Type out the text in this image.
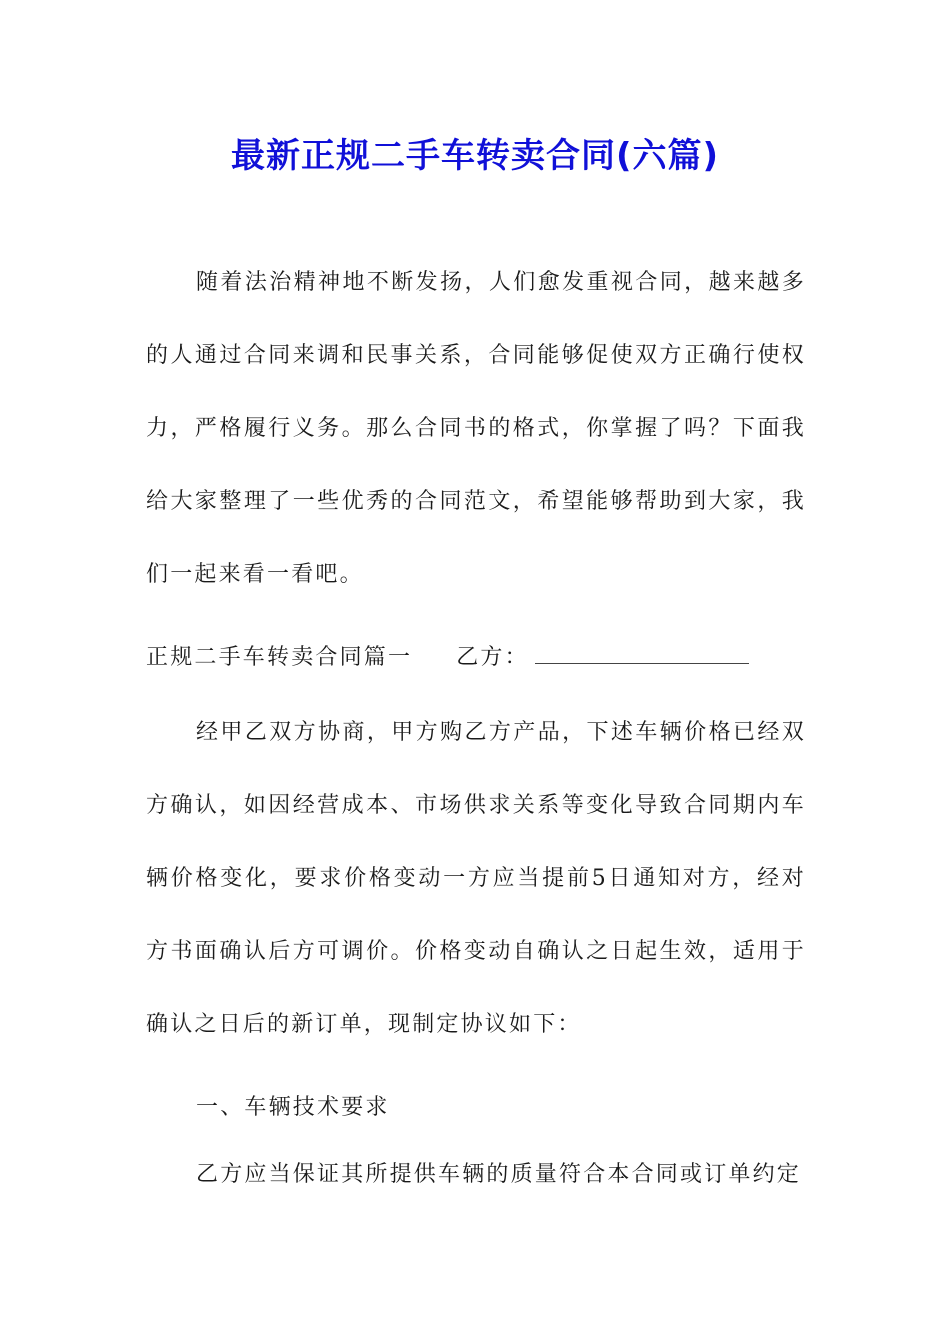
最新正规二手车转卖合同(六篇)
随着法治精神地不断发扬，人们愈发重视合同，越来越多的人通过合同来调和民事关系，合同能够促使双方正确行使权力，严格履行义务。那么合同书的格式，你掌握了吗？下面我给大家整理了一些优秀的合同范文，希望能够帮助到大家，我们一起来看一看吧。
正规二手车转卖合同篇一 乙方：
经甲乙双方协商，甲方购乙方产品，下述车辆价格已经双方确认，如因经营成本、市场供求关系等变化导致合同期内车辆价格变化，要求价格变动一方应当提前5日通知对方，经对方书面确认后方可调价。价格变动自确认之日起生效，适用于确认之日后的新订单，现制定协议如下：
一、车辆技术要求
乙方应当保证其所提供车辆的质量符合本合同或订单约定
